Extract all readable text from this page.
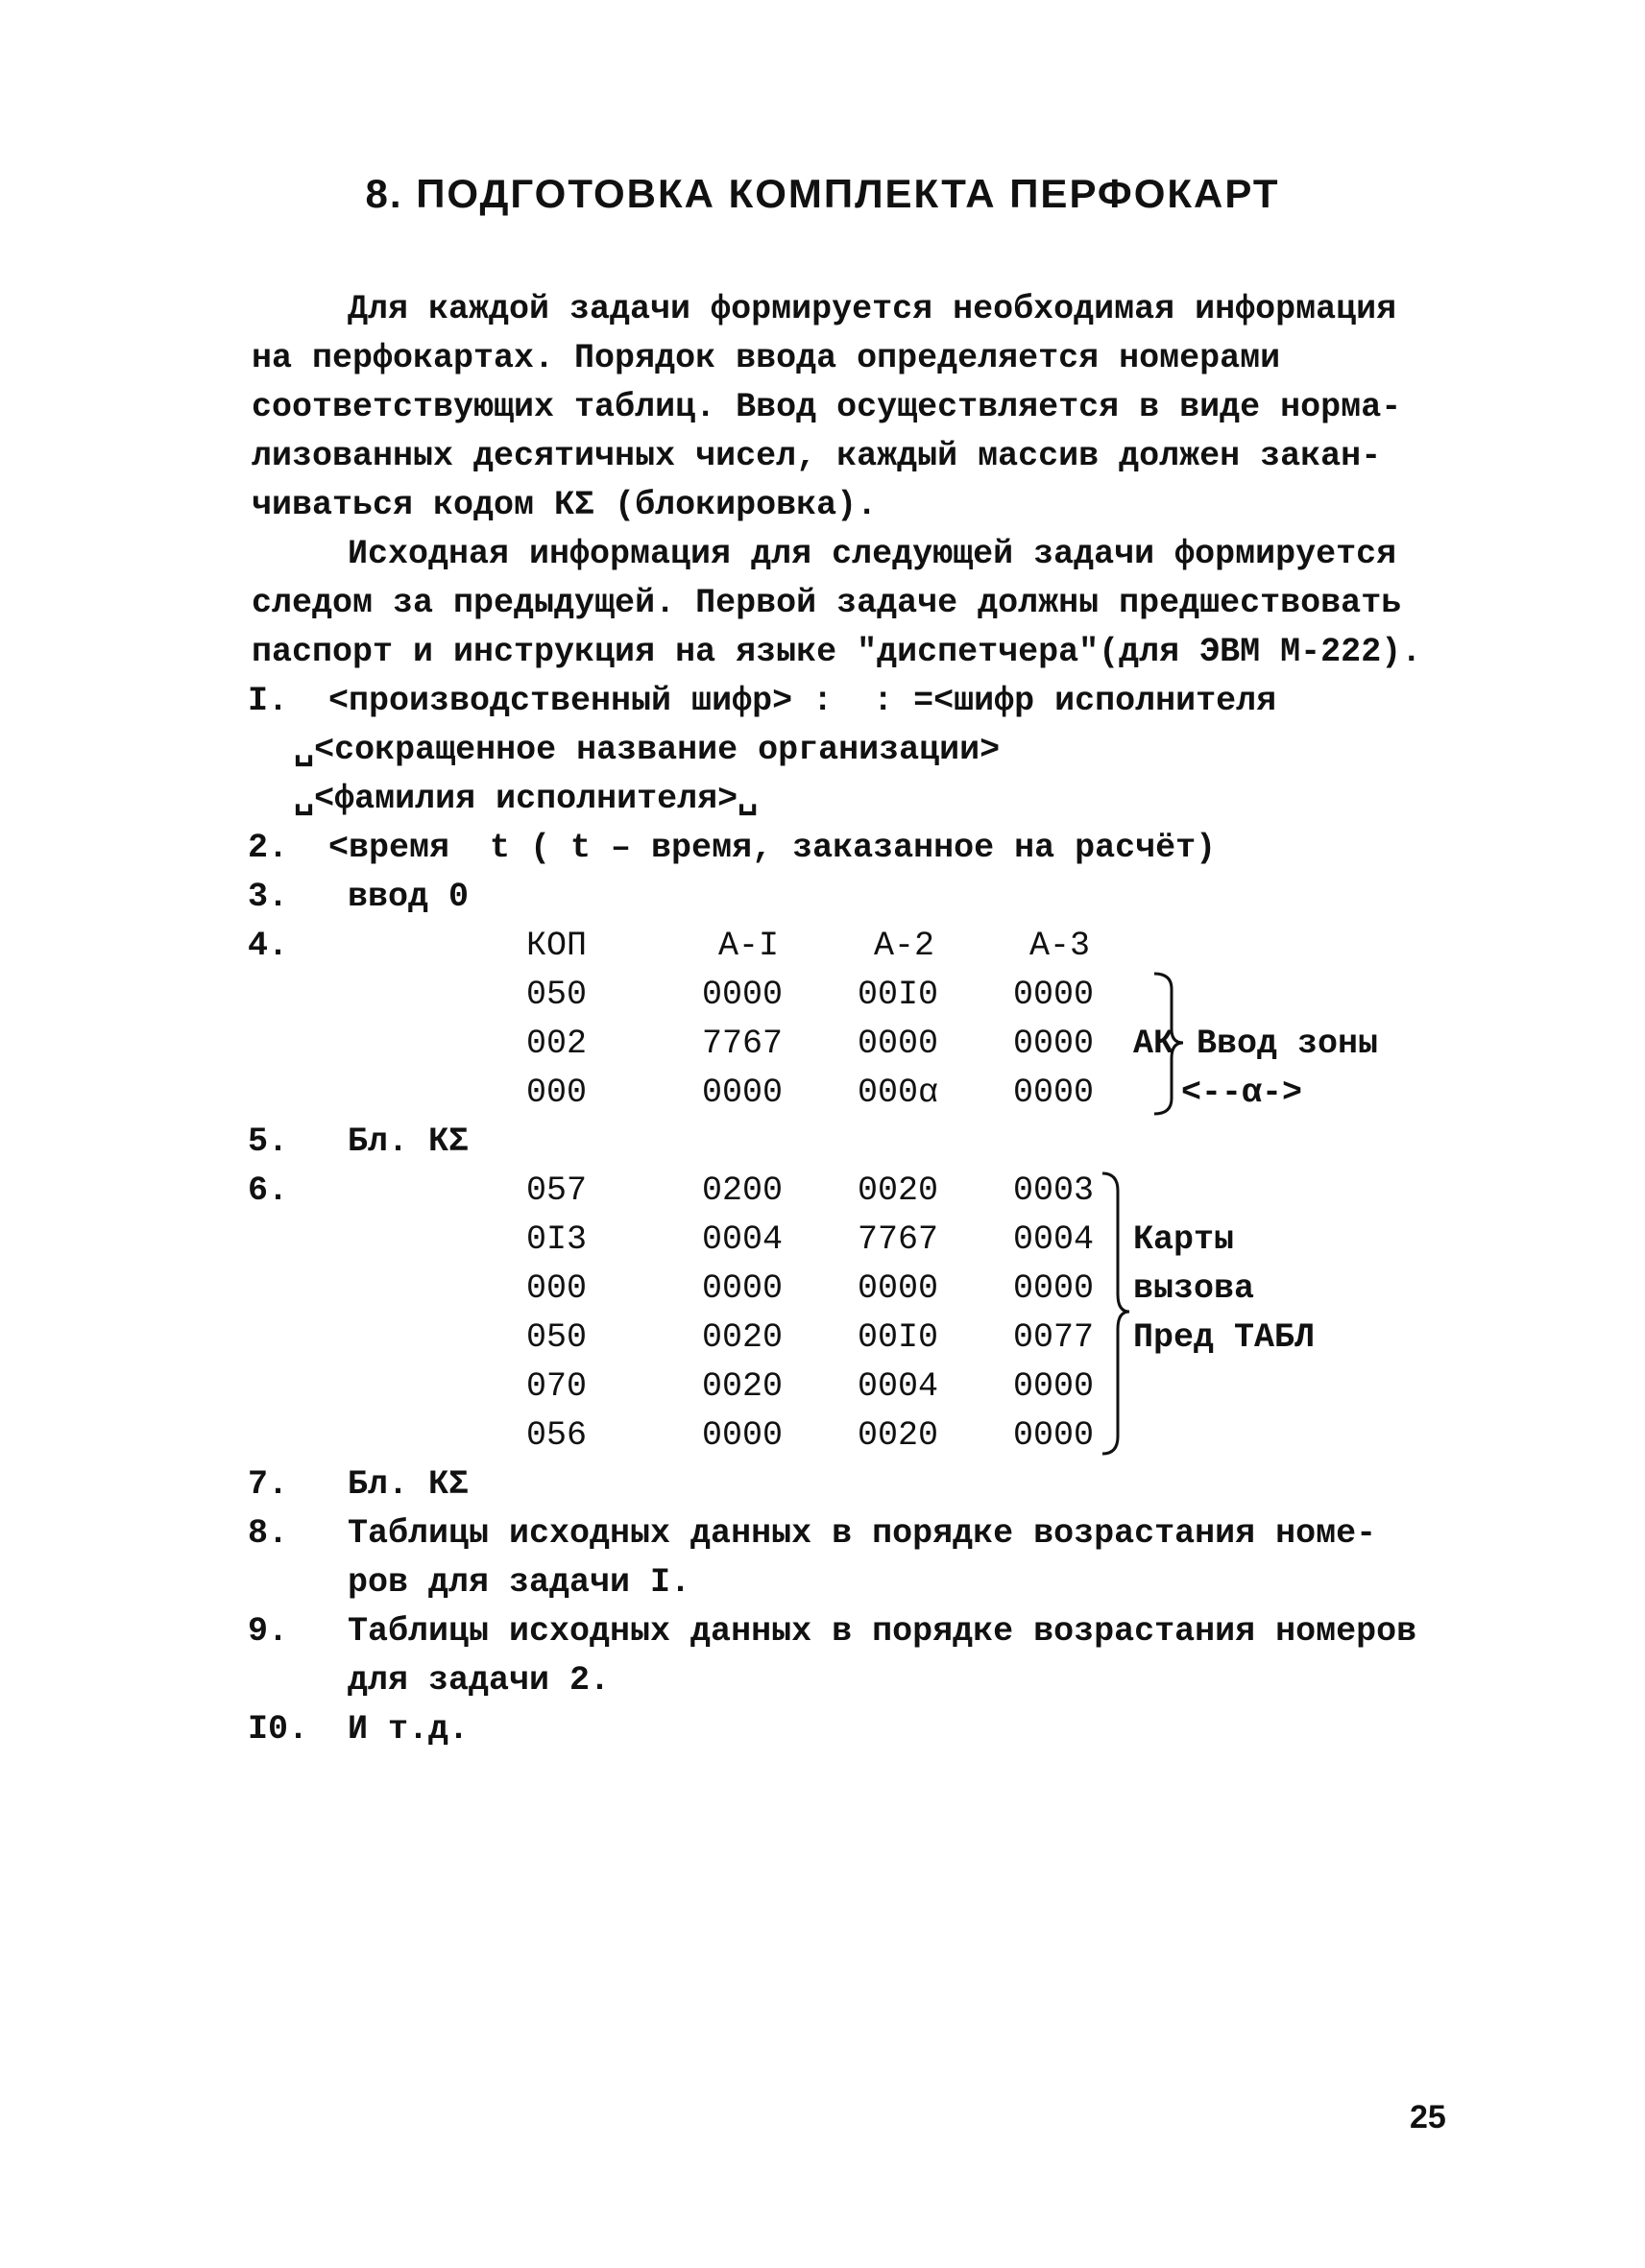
8. ПОДГОТОВКА КОМПЛЕКТА ПЕРФОКАРТ
Для каждой задачи формируется необходимая информация
на перфокартах. Порядок ввода определяется номерами
соответствующих таблиц. Ввод осуществляется в виде норма-
лизованных десятичных чисел, каждый массив должен закан-
чиваться кодом КΣ (блокировка).
Исходная информация для следующей задачи формируется
следом за предыдущей. Первой задаче должны предшествовать
паспорт и инструкция на языке "диспетчера"(для ЭВМ М-222).
I. <производственный шифр> :  : =<шифр исполнителя
␣<сокращенное название организации>
␣<фамилия исполнителя>␣
2. <время  t ( t – время, заказанное на расчёт)
3. ввод 0
4.	КОП	А-I	А-2	А-3
050	0000 00I0 0000
002	7767 0000 0000
000	0000 000α 0000
АК Ввод зоны
<--α->
5. Бл. КΣ
6.	057	0200 0020 0003
0I3	0004 7767 0004
000	0000 0000 0000
050	0020 00I0 0077
070	0020 0004 0000
056	0000 0020 0000
Карты
вызова
Пред ТАБЛ
7. Бл. КΣ
8. Таблицы исходных данных в порядке возрастания номе-
ров для задачи I.
9. Таблицы исходных данных в порядке возрастания номеров
для задачи 2.
I0. И т.д.
25
